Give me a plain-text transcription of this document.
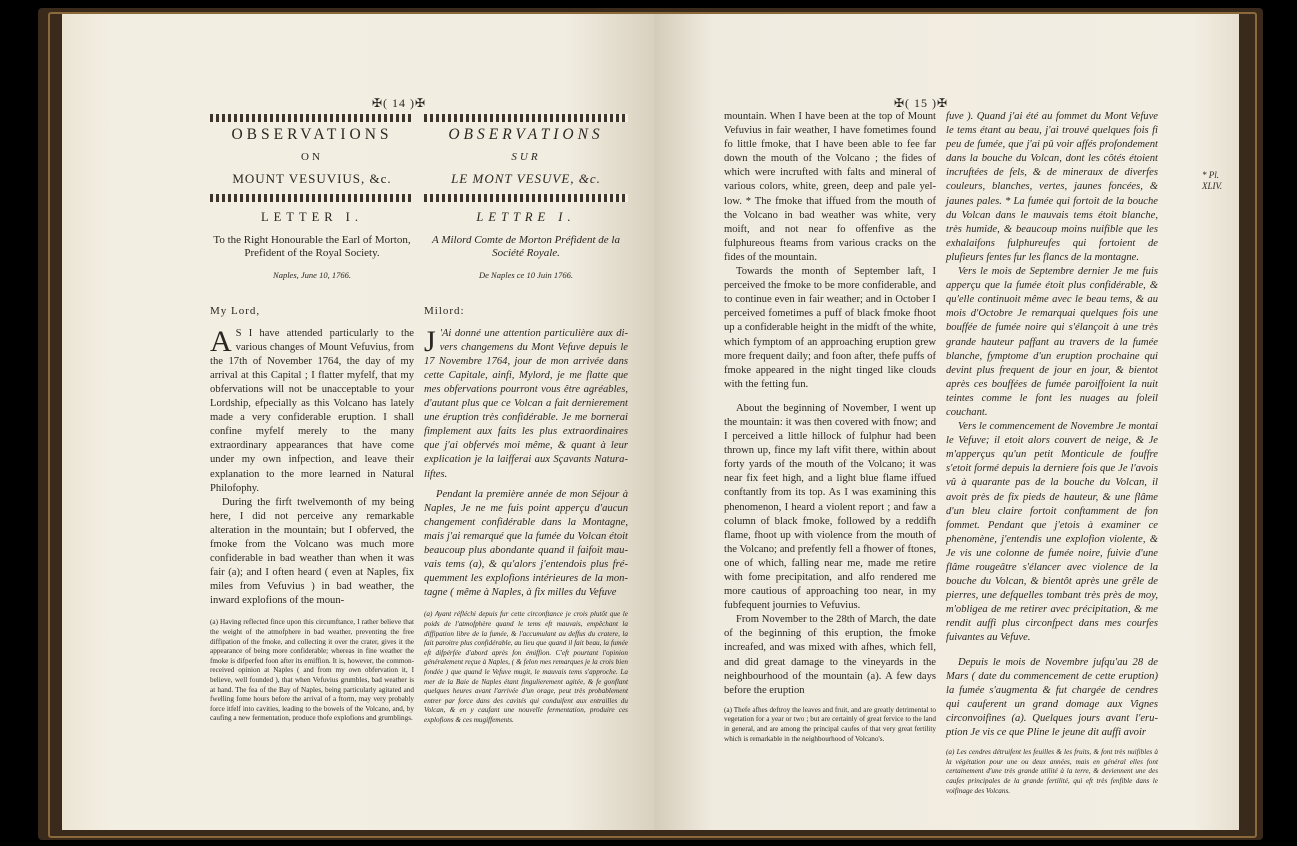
✠( 14 )✠

OBSERVATIONS

ON

MOUNT VESUVIUS, &c.

LETTER I.

To the Right Honourable the Earl of Morton, Prefident of the Royal Society.

Naples, June 10, 1766.

My Lord,

A S I have attended particularly to the various changes of Mount Vefuvius, from the 17th of November 1764, the day of my arrival at this Capital ; I flatter myfelf, that my obfervations will not be unacceptable to your Lordship, efpecially as this Volcano has lately made a very confiderable eruption. I shall confine myfelf merely to the many extraordinary appearances that have come under my own infpection, and leave their explanation to the more learned in Natural Philofophy.

During the firft twelvemonth of my being here, I did not perceive any remarkable alteration in the mountain; but I obferved, the fmoke from the Volcano was much more confiderable in bad weather than when it was fair (a); and I often heard ( even at Naples, fix miles from Vefuvius ) in bad weather, the inward explofions of the moun-

(a) Having reflected fince upon this circumftance, I rather believe that the weight of the atmofphere in bad weather, preventing the free diffipation of the fmoke, and collecting it over the crater, gives it the appearance of being more confiderable; whereas in fine weather the fmoke is difperfed foon after its emiffion. It is, however, the common-received opinion at Naples ( and from my own obfervation it, I believe, well founded ), that when Vefuvius grumbles, bad weather is at hand. The fea of the Bay of Naples, being particularly agitated and fwelling fome hours before the arrival of a ftorm, may very probably force itfelf into cavities, leading to the bowels of the Volcano, and, by caufing a new fermentation, produce thofe explofions and grumblings.

OBSERVATIONS

SUR

LE MONT VESUVE, &c.

LETTRE I.

A Milord Comte de Morton Préfident de la Société Royale.

De Naples ce 10 Juin 1766.

Milord:

J 'Ai donné une attention particulière aux divers changemens du Mont Vefuve depuis le 17 Novembre 1764, jour de mon arrivée dans cette Capitale, ainfi, Mylord, je me flatte que mes obfervations pourront vous être agréables, d'autant plus que ce Volcan a fait dernierement une éruption très confidérable. Je me bornerai fimplement aux faits les plus extraordinaires que j'ai obfervés moi même, & quant à leur explication je la laifferai aux Sçavants Naturaliftes.

Pendant la première année de mon Séjour à Naples, Je ne me fuis point apperçu d'aucun changement confidérable dans la Montagne, mais j'ai remarqué que la fumée du Volcan étoit beaucoup plus abondante quand il faifoit mauvais tems (a), & qu'alors j'entendois plus fréquemment les explofions intérieures de la montagne ( même à Naples, à fix milles du Vefuve

(a) Ayant réfléchi depuis fur cette circonftance je crois plutôt que le poids de l'atmofphère quand le tems eft mauvais, empêchant la diffipation libre de la fumée, & l'accumulant au deffus du cratere, la fait paroitre plus confidérable, au lieu que quand il fait beau, la fumée eft difpérfée d'abord après fon émiffion. C'eft pourtant l'opinion généralement reçue à Naples, ( & felon mes remarques je la crois bien fondée ) que quand le Vefuve mugit, le mauvais tems s'approche. La mer de la Baie de Naples étant fingulierement agitée, & fe gonflant quelques heures avant l'arrivée d'un orage, peut très probablement entrer par force dans des cavités qui conduifent aux entrailles du Volcan, & en y caufant une nouvelle fermentation, produire ces explofions & ces mugiffements.

✠( 15 )✠
* Pl. XLIV.

mountain. When I have been at the top of Mount Vefuvius in fair weather, I have fometimes found fo little fmoke, that I have been able to fee far down the mouth of the Volcano ; the fides of which were incrufted with falts and mineral of various colors, white, green, deep and pale yellow. * The fmoke that iffued from the mouth of the Volcano in bad weather was white, very moift, and not near fo offenfive as the fulphureous fteams from various cracks on the fides of the mountain.

Towards the month of September laft, I perceived the fmoke to be more confiderable, and to continue even in fair weather; and in October I perceived fometimes a puff of black fmoke fhoot up a confiderable height in the midft of the white, which fymptom of an approaching eruption grew more frequent daily; and foon after, thefe puffs of fmoke appeared in the night tinged like clouds with the fetting fun.

About the beginning of November, I went up the mountain: it was then covered with fnow; and I perceived a little hillock of fulphur had been thrown up, fince my laft vifit there, within about forty yards of the mouth of the Volcano; it was near fix feet high, and a light blue flame iffued conftantly from its top. As I was examining this phenomenon, I heard a violent report ; and faw a column of black fmoke, followed by a reddifh flame, fhoot up with violence from the mouth of the Volcano; and prefently fell a fhower of ftones, one of which, falling near me, made me retire with fome precipitation, and alfo rendered me more cautious of approaching too near, in my fubfequent journies to Vefuvius.

From November to the 28th of March, the date of the beginning of this eruption, the fmoke increafed, and was mixed with afhes, which fell, and did great damage to the vineyards in the neighbourhood of the mountain (a). A few days before the eruption

(a) Thefe afhes deftroy the leaves and fruit, and are greatly detrimental to vegetation for a year or two ; but are certainly of great fervice to the land in general, and are among the principal caufes of that very great fertility which is remarkable in the neighbourhood of Volcano's.

fuve ). Quand j'ai été au fommet du Mont Vefuve le tems étant au beau, j'ai trouvé quelques fois fi peu de fumée, que j'ai pû voir affés profondement dans la bouche du Volcan, dont les côtés étoient incruftées de fels, & de mineraux de diverfes couleurs, blanches, vertes, jaunes foncées, & jaunes pales. * La fumée qui fortoit de la bouche du Volcan dans le mauvais tems étoit blanche, très humide, & beaucoup moins nuifible que les exhalaifons fulphureufes qui fortoient de plufieurs fentes fur les flancs de la montagne.

Vers le mois de Septembre dernier Je me fuis apperçu que la fumée étoit plus confidérable, & qu'elle continuoit même avec le beau tems, & au mois d'Octobre Je remarquai quelques fois une bouffée de fumée noire qui s'élançoit à une très grande hauteur paffant au travers de la fumée blanche, fymptome d'un eruption prochaine qui devint plus frequent de jour en jour, & bientot après ces bouffées de fumée paroiffoient la nuit teintes comme le font les nuages au foleil couchant.

Vers le commencement de Novembre Je montai le Vefuve; il etoit alors couvert de neige, & Je m'apperçus qu'un petit Monticule de fouffre s'etoit formé depuis la derniere fois que Je l'avois vû à quarante pas de la bouche du Volcan, il avoit près de fix pieds de hauteur, & une flâme d'un bleu claire fortoit conftamment de fon fommet. Pendant que j'etois à examiner ce phenomène, j'entendis une explofion violente, & Je vis une colonne de fumée noire, fuivie d'une flâme rougeâtre s'élancer avec violence de la bouche du Volcan, & bientôt après une grêle de pierres, une defquelles tombant très près de moy, m'obligea de me retirer avec précipitation, & me rendit auffi plus circonfpect dans mes courfes fuivantes au Vefuve.

Depuis le mois de Novembre jufqu'au 28 de Mars ( date du commencement de cette eruption) la fumée s'augmenta & fut chargée de cendres qui cauferent un grand domage aux Vignes circonvoifines (a). Quelques jours avant l'eruption Je vis ce que Pline le jeune dit auffi avoir

(a) Les cendres détruifent les feuilles & les fruits, & font très nuifibles à la végétation pour une ou deux années, mais en général elles font certainement d'une très grande utilité à la terre, & deviennent une des caufes principales de la grande fertilité, qui eft très fenfible dans le voifinage des Volcans.
